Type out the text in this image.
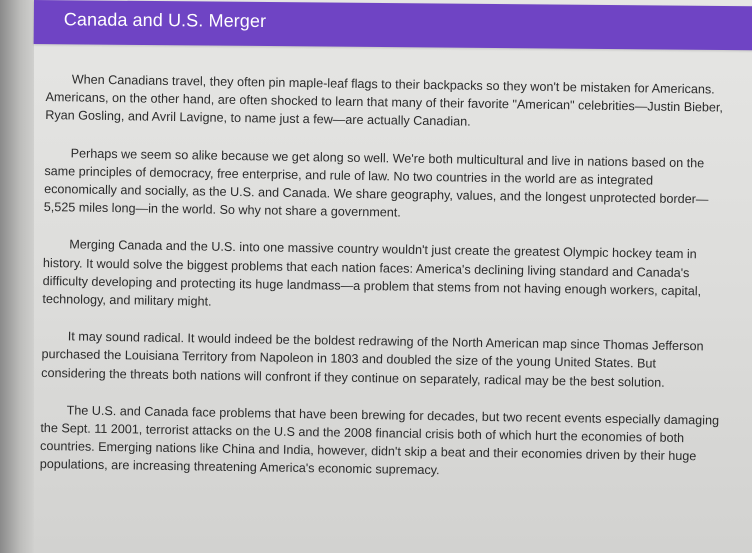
Canada and U.S. Merger

When Canadians travel, they often pin maple-leaf flags to their backpacks so they won't be mistaken for Americans. Americans, on the other hand, are often shocked to learn that many of their favorite "American" celebrities—Justin Bieber, Ryan Gosling, and Avril Lavigne, to name just a few—are actually Canadian.

Perhaps we seem so alike because we get along so well. We're both multicultural and live in nations based on the same principles of democracy, free enterprise, and rule of law. No two countries in the world are as integrated economically and socially, as the U.S. and Canada. We share geography, values, and the longest unprotected border—5,525 miles long—in the world. So why not share a government.

Merging Canada and the U.S. into one massive country wouldn't just create the greatest Olympic hockey team in history. It would solve the biggest problems that each nation faces: America's declining living standard and Canada's difficulty developing and protecting its huge landmass—a problem that stems from not having enough workers, capital, technology, and military might.

It may sound radical. It would indeed be the boldest redrawing of the North American map since Thomas Jefferson purchased the Louisiana Territory from Napoleon in 1803 and doubled the size of the young United States. But considering the threats both nations will confront if they continue on separately, radical may be the best solution.

The U.S. and Canada face problems that have been brewing for decades, but two recent events especially damaging the Sept. 11 2001, terrorist attacks on the U.S and the 2008 financial crisis both of which hurt the economies of both countries. Emerging nations like China and India, however, didn't skip a beat and their economies driven by their huge populations, are increasing threatening America's economic supremacy.
